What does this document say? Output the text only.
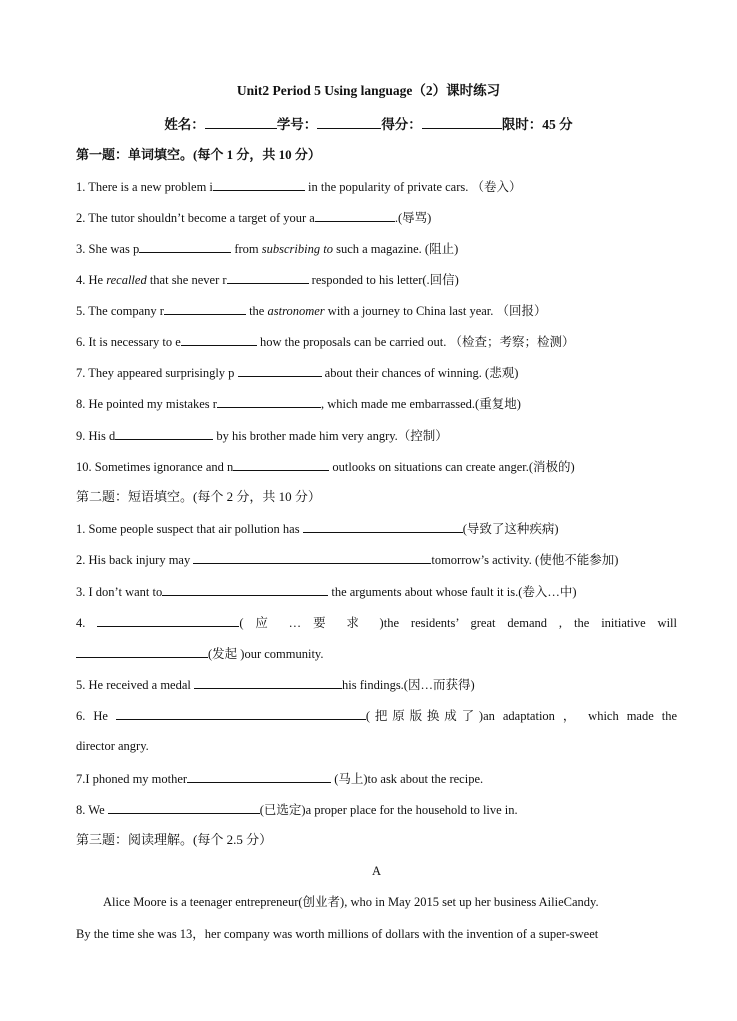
Unit2 Period 5 Using language（2）课时练习
姓名：	学号：	得分：	限时：45 分
第一题：单词填空。(每个 1 分，共 10 分）
1. There is a new problem i	in the popularity of private cars. （卷入）
2. The tutor shouldn’t become a target of your a	.(辱骂)
3. She was p	from subscribing to such a magazine. (阻止)
4. He recalled that she never r	responded to his letter(.回信)
5. The company r	the astronomer with a journey to China last year. （回报）
6. It is necessary to e	how the proposals can be carried out. （检查；考察；检测）
7. They appeared surprisingly p	about their chances of winning. (悲观)
8. He pointed my mistakes r	, which made me embarrassed.(重复地)
9. His d	by his brother made him very angry.（控制）
10. Sometimes ignorance and n	outlooks on situations can create anger.(消极的)
第二题：短语填空。(每个 2 分，共 10 分）
1. Some people suspect that air pollution has	(导致了这种疾病)
2. His back injury may	tomorrow’s activity. (使他不能参加)
3. I don’t want to	the arguments about whose fault it is.(卷入…中)
4.	( 应 … 要 求 )the residents’ great demand , the initiative will
(发起 )our community.
5. He received a medal	his findings.(因…而获得)
6. He	(把原版换成了)an adaptation ， which made the
director angry.
7.I phoned my mother	(马上)to ask about the recipe.
8. We	(已选定)a proper place for the household to live in.
第三题：阅读理解。(每个 2.5 分）
A
Alice Moore is a teenager entrepreneur(创业者), who in May 2015 set up her business AilieCandy.
By the time she was 13，her company was worth millions of dollars with the invention of a super-sweet
